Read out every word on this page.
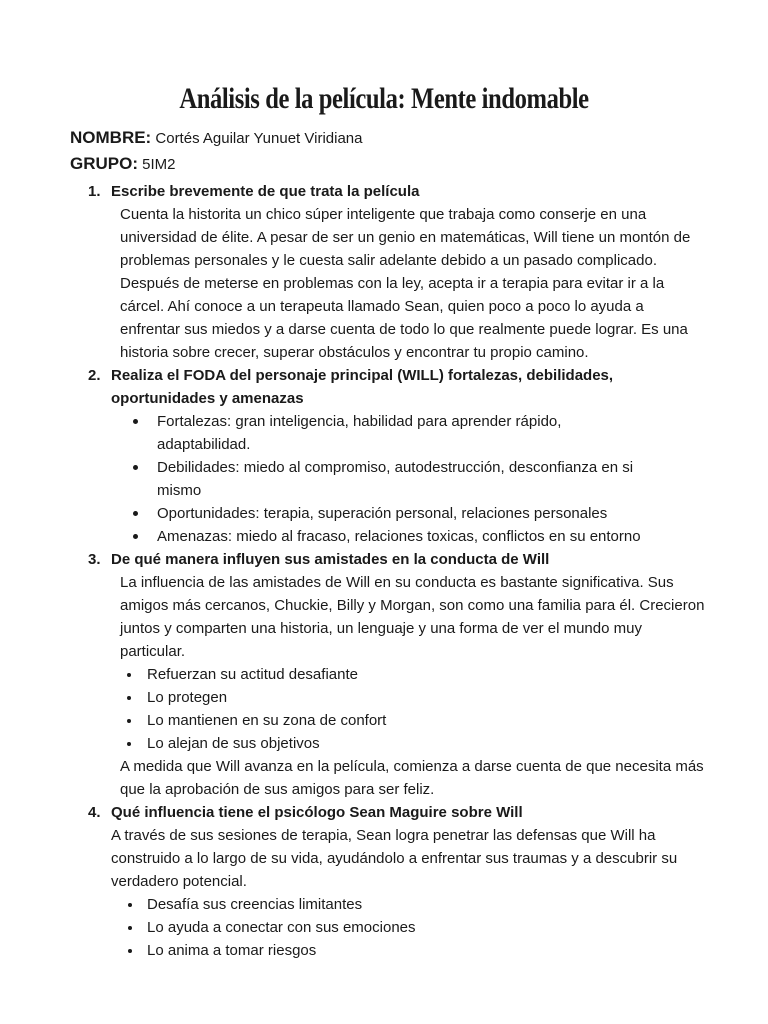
Análisis de la película: Mente indomable
NOMBRE: Cortés Aguilar Yunuet Viridiana
GRUPO: 5IM2
1. Escribe brevemente de que trata la película
Cuenta la historita un chico súper inteligente que trabaja como conserje en una universidad de élite. A pesar de ser un genio en matemáticas, Will tiene un montón de problemas personales y le cuesta salir adelante debido a un pasado complicado. Después de meterse en problemas con la ley, acepta ir a terapia para evitar ir a la cárcel. Ahí conoce a un terapeuta llamado Sean, quien poco a poco lo ayuda a enfrentar sus miedos y a darse cuenta de todo lo que realmente puede lograr. Es una historia sobre crecer, superar obstáculos y encontrar tu propio camino.
2. Realiza el FODA del personaje principal (WILL) fortalezas, debilidades, oportunidades y amenazas
Fortalezas: gran inteligencia, habilidad para aprender rápido, adaptabilidad.
Debilidades: miedo al compromiso, autodestrucción, desconfianza en si mismo
Oportunidades: terapia, superación personal, relaciones personales
Amenazas: miedo al fracaso, relaciones toxicas, conflictos en su entorno
3. De qué manera influyen sus amistades en la conducta de Will
La influencia de las amistades de Will en su conducta es bastante significativa. Sus amigos más cercanos, Chuckie, Billy y Morgan, son como una familia para él. Crecieron juntos y comparten una historia, un lenguaje y una forma de ver el mundo muy particular.
Refuerzan su actitud desafiante
Lo protegen
Lo mantienen en su zona de confort
Lo alejan de sus objetivos
A medida que Will avanza en la película, comienza a darse cuenta de que necesita más que la aprobación de sus amigos para ser feliz.
4. Qué influencia tiene el psicólogo Sean Maguire sobre Will
A través de sus sesiones de terapia, Sean logra penetrar las defensas que Will ha construido a lo largo de su vida, ayudándolo a enfrentar sus traumas y a descubrir su verdadero potencial.
Desafía sus creencias limitantes
Lo ayuda a conectar con sus emociones
Lo anima a tomar riesgos
